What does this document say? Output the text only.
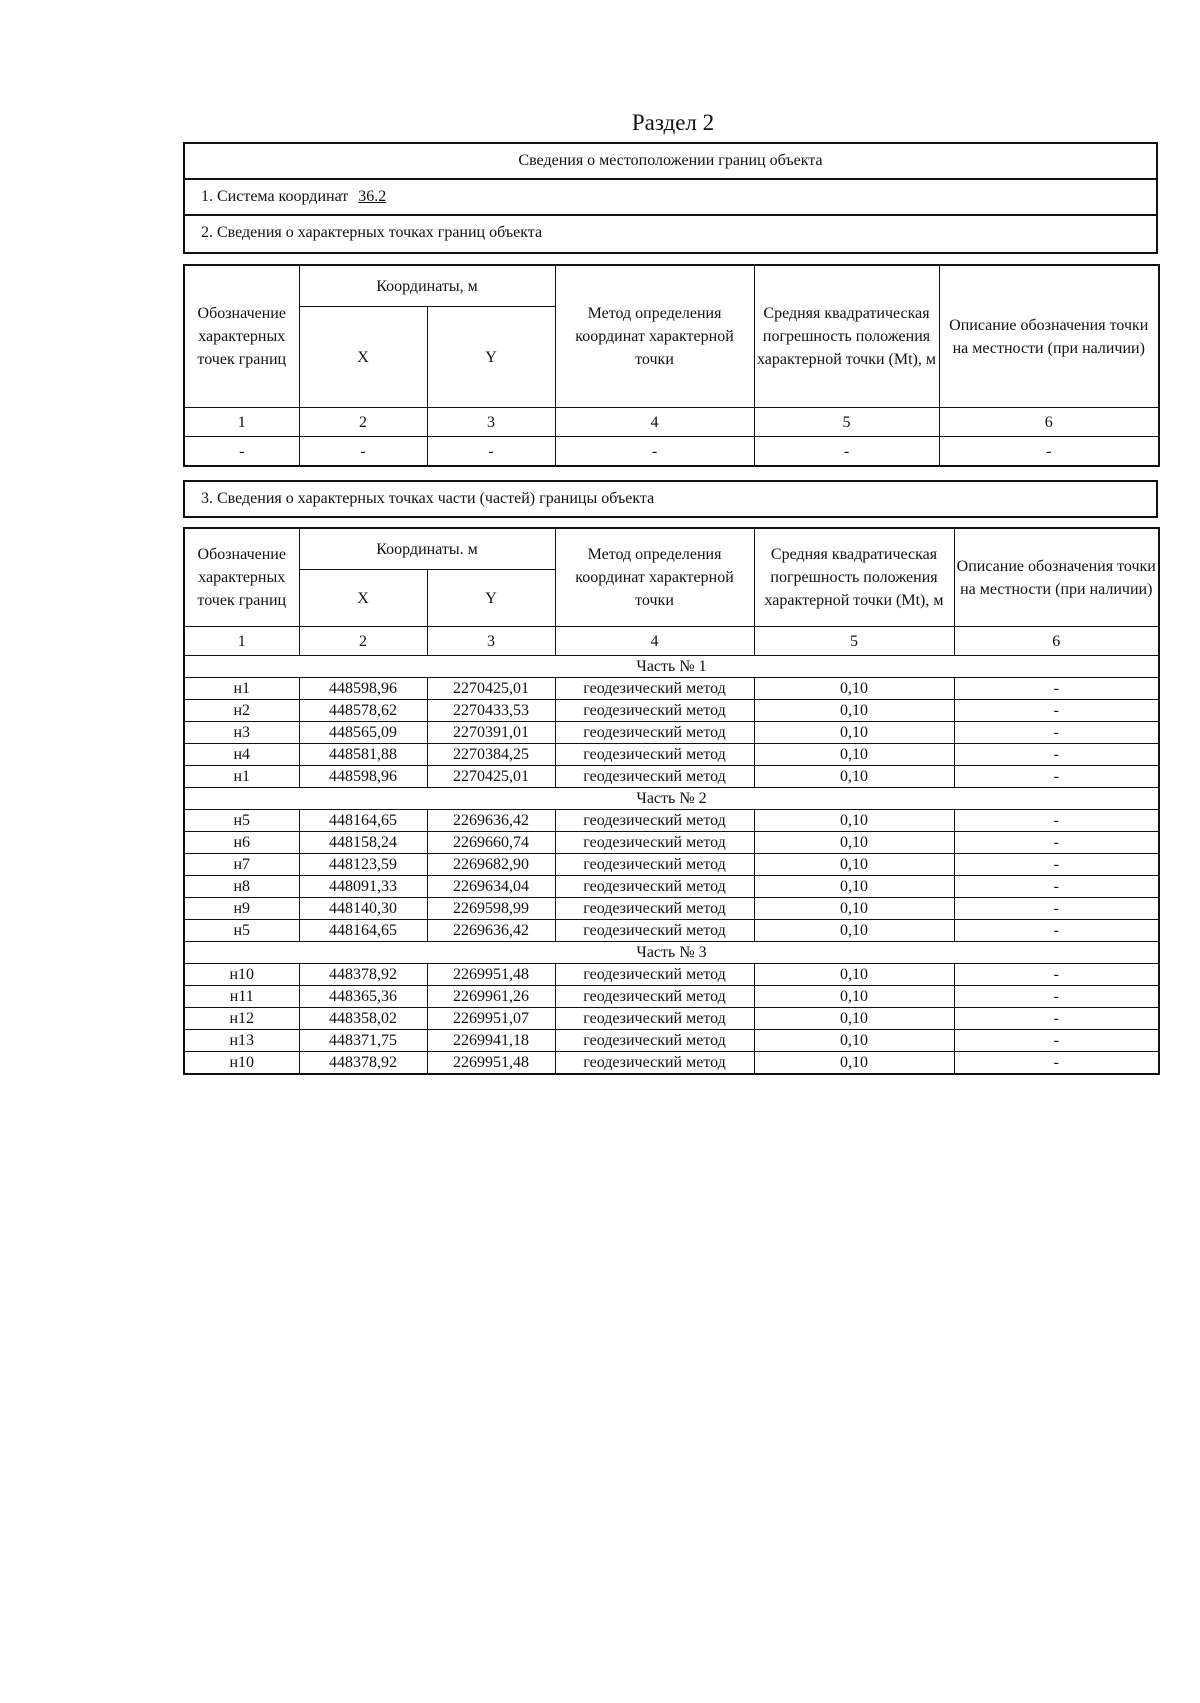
Раздел 2
Сведения о местоположении границ объекта
1. Система координат 36.2
2. Сведения о характерных точках границ объекта
Обозначение характерных точек границ	Координаты, м		Метод определения координат характерной точки	Средняя квадратическая погрешность положения характерной точки (Mt), м	Описание обозначения точки на местности (при наличии)
	X	Y			
1	2	3	4	5	6
-	-	-	-	-	-
3. Сведения о характерных точках части (частей) границы объекта
Обозначение характерных точек границ	Координаты. м		Метод определения координат характерной точки	Средняя квадратическая погрешность положения характерной точки (Mt), м	Описание обозначения точки на местности (при наличии)
	X	Y			
1	2	3	4	5	6
Часть № 1					
н1	448598,96	2270425,01	геодезический метод	0,10	-
н2	448578,62	2270433,53	геодезический метод	0,10	-
н3	448565,09	2270391,01	геодезический метод	0,10	-
н4	448581,88	2270384,25	геодезический метод	0,10	-
н1	448598,96	2270425,01	геодезический метод	0,10	-
Часть № 2					
н5	448164,65	2269636,42	геодезический метод	0,10	-
н6	448158,24	2269660,74	геодезический метод	0,10	-
н7	448123,59	2269682,90	геодезический метод	0,10	-
н8	448091,33	2269634,04	геодезический метод	0,10	-
н9	448140,30	2269598,99	геодезический метод	0,10	-
н5	448164,65	2269636,42	геодезический метод	0,10	-
Часть № 3					
н10	448378,92	2269951,48	геодезический метод	0,10	-
н11	448365,36	2269961,26	геодезический метод	0,10	-
н12	448358,02	2269951,07	геодезический метод	0,10	-
н13	448371,75	2269941,18	геодезический метод	0,10	-
н10	448378,92	2269951,48	геодезический метод	0,10	-
